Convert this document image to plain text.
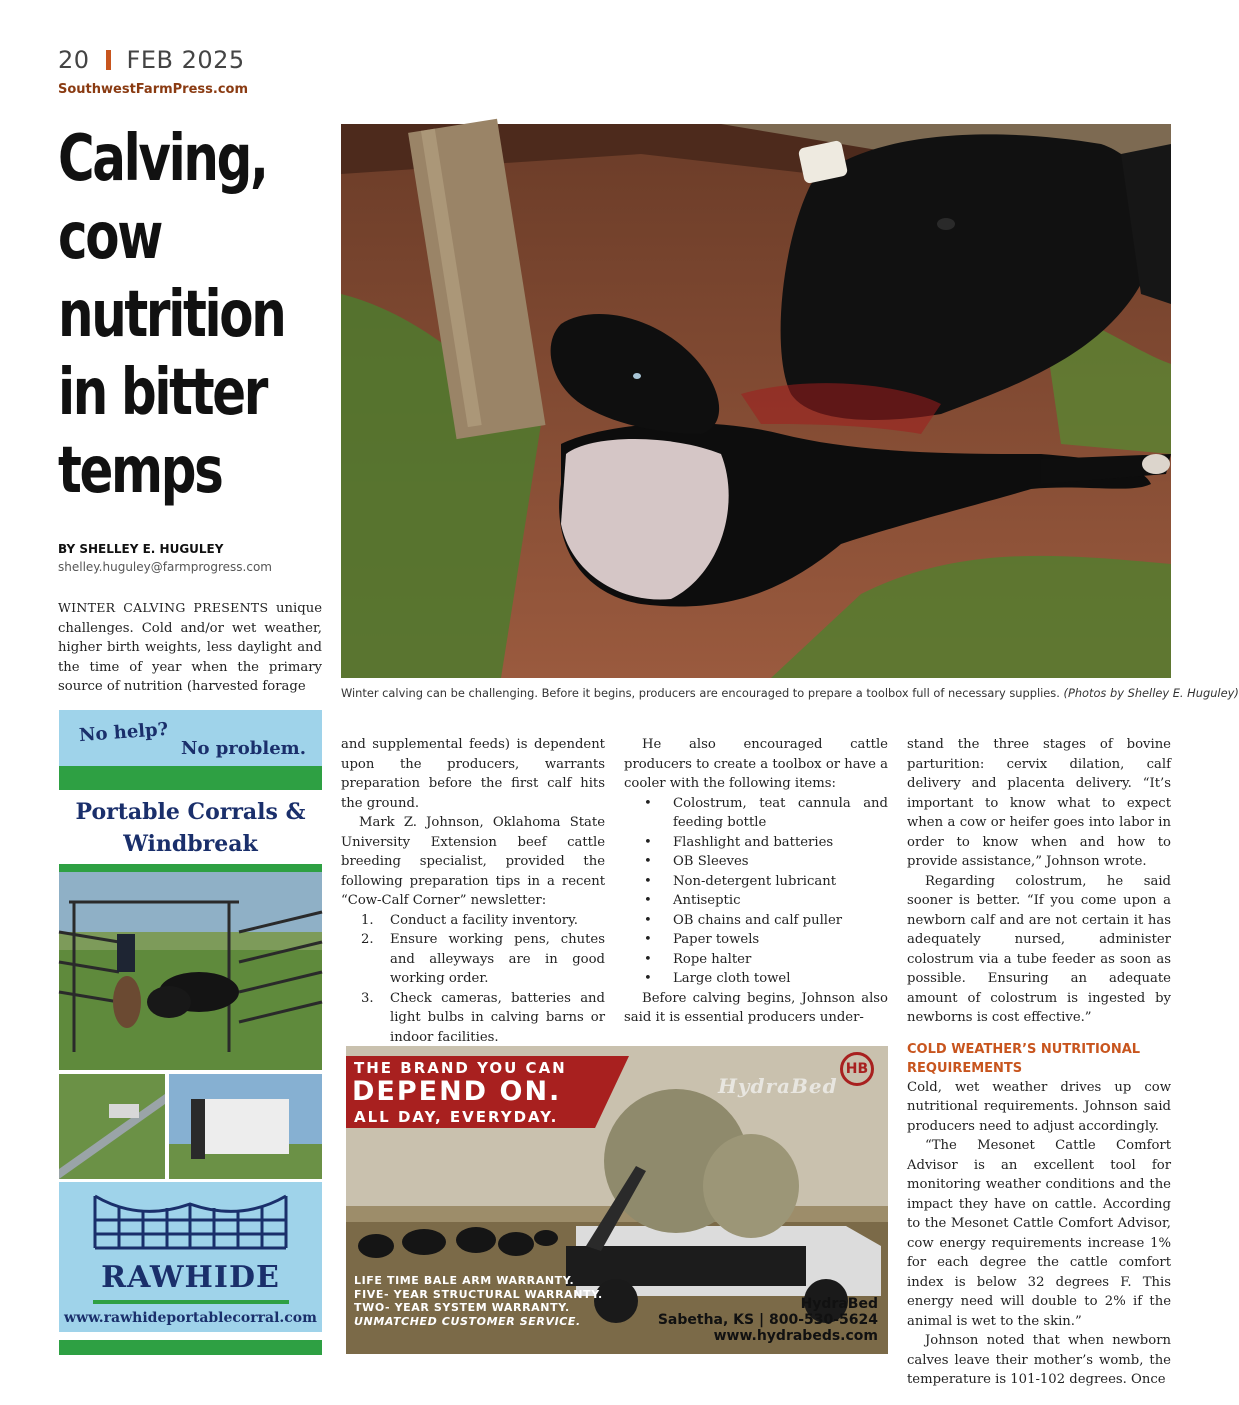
20 FEB 2025
SouthwestFarmPress.com
Calving,
cow
nutrition
in bitter
temps
BY SHELLEY E. HUGULEY
shelley.huguley@farmprogress.com

WINTER CALVING PRESENTS unique challenges. Cold and/or wet weather, higher birth weights, less daylight and the time of year when the primary source of nutrition (harvested forage	Winter calving can be challenging. Before it begins, producers are encouraged to prepare a toolbox full of necessary supplies. (Photos by Shelley E. Huguley)

and supplemental feeds) is dependent upon the producers, warrants preparation before the first calf hits the ground.

Mark Z. Johnson, Oklahoma State University Extension beef cattle breeding specialist, provided the following preparation tips in a recent “Cow-Calf Corner” newsletter:

1. Conduct a facility inventory.
2. Ensure working pens, chutes and alleyways are in good working order.
3. Check cameras, batteries and light bulbs in calving barns or indoor facilities.

He also encouraged cattle producers to create a toolbox or have a cooler with the following items:

• Colostrum, teat cannula and feeding bottle
• Flashlight and batteries
• OB Sleeves
• Non-detergent lubricant
• Antiseptic
• OB chains and calf puller
• Paper towels
• Rope halter
• Large cloth towel

Before calving begins, Johnson also said it is essential producers under-

stand the three stages of bovine parturition: cervix dilation, calf delivery and placenta delivery. “It’s important to know what to expect when a cow or heifer goes into labor in order to know when and how to provide assistance,” Johnson wrote.

Regarding colostrum, he said sooner is better. “If you come upon a newborn calf and are not certain it has adequately nursed, administer colostrum via a tube feeder as soon as possible. Ensuring an adequate amount of colostrum is ingested by newborns is cost effective.”

COLD WEATHER’S NUTRITIONAL REQUIREMENTS

Cold, wet weather drives up cow nutritional requirements. Johnson said producers need to adjust accordingly.

“The Mesonet Cattle Comfort Advisor is an excellent tool for monitoring weather conditions and the impact they have on cattle. According to the Mesonet Cattle Comfort Advisor, cow energy requirements increase 1% for each degree the cattle comfort index is below 32 degrees F. This energy need will double to 2% if the animal is wet to the skin.”

Johnson noted that when newborn calves leave their mother’s womb, the temperature is 101-102 degrees. Once

No help?
No problem.
Portable Corrals &
Windbreak
RAWHIDE
www.rawhideportablecorral.com
THE BRAND YOU CAN
DEPEND ON.
ALL DAY, EVERYDAY.
HydraBed
HB
LIFE TIME BALE ARM WARRANTY.
FIVE- YEAR STRUCTURAL WARRANTY.
TWO- YEAR SYSTEM WARRANTY.
UNMATCHED CUSTOMER SERVICE.
HydraBed
Sabetha, KS | 800-530-5624
www.hydrabeds.com
